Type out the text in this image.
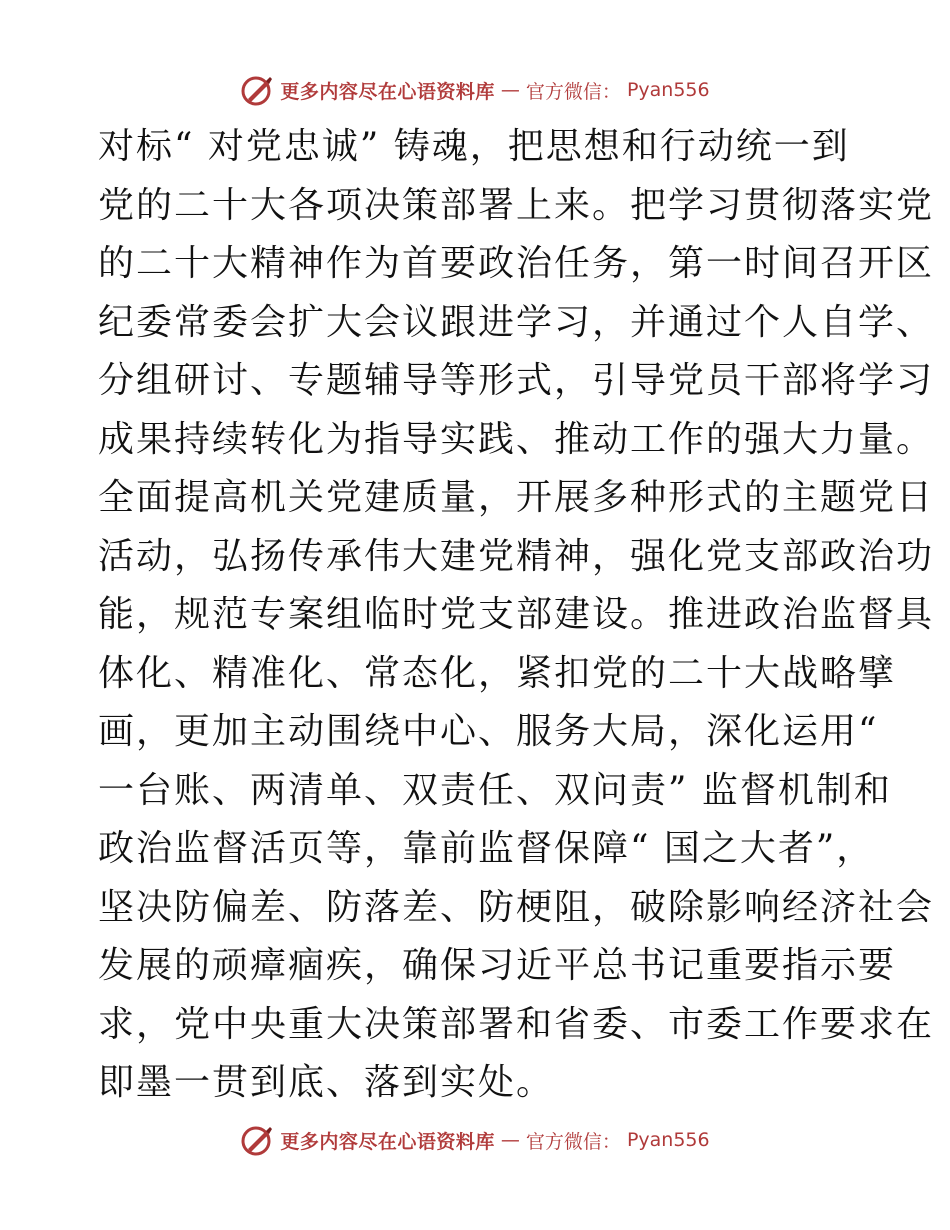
更多内容尽在心语资料库 — 官方微信： Pyan556
对标“ 对党忠诚” 铸魂，把思想和行动统一到
党的二十大各项决策部署上来。把学习贯彻落实党
的二十大精神作为首要政治任务，第一时间召开区
纪委常委会扩大会议跟进学习，并通过个人自学、
分组研讨、专题辅导等形式，引导党员干部将学习
成果持续转化为指导实践、推动工作的强大力量。
全面提高机关党建质量，开展多种形式的主题党日
活动，弘扬传承伟大建党精神，强化党支部政治功
能，规范专案组临时党支部建设。推进政治监督具
体化、精准化、常态化，紧扣党的二十大战略擘
画，更加主动围绕中心、服务大局，深化运用“
一台账、两清单、双责任、双问责” 监督机制和
政治监督活页等，靠前监督保障“ 国之大者”，
坚决防偏差、防落差、防梗阻，破除影响经济社会
发展的顽瘴痼疾，确保习近平总书记重要指示要
求，党中央重大决策部署和省委、市委工作要求在
即墨一贯到底、落到实处。
更多内容尽在心语资料库 — 官方微信： Pyan556
